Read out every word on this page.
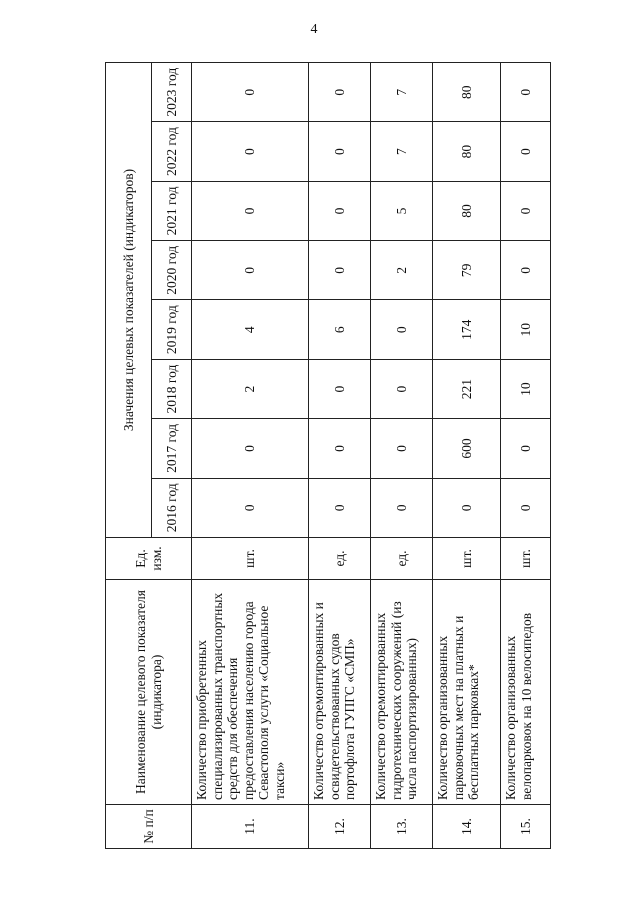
4
№ п/п	Наименование целевого показателя (индикатора)	Ед. изм.	Значения целевых показателей (индикаторов)							
			2016 год	2017 год	2018 год	2019 год	2020 год	2021 год	2022 год	2023 год
11.	Количество приобретенных специализированных транспортных средств для обеспечения предоставления населению города Севастополя услуги «Социальное такси»	шт.	0	0	2	4	0	0	0	0
12.	Количество отремонтированных и освидетельствованных судов портофлота ГУПГС «СМП»	ед.	0	0	0	6	0	0	0	0
13.	Количество отремонтированных гидротехнических сооружений (из числа паспортизированных)	ед.	0	0	0	0	2	5	7	7
14.	Количество организованных парковочных мест на платных и бесплатных парковках*	шт.	0	600	221	174	79	80	80	80
15.	Количество организованных велопарковок на 10 велосипедов	шт.	0	0	10	10	0	0	0	0
